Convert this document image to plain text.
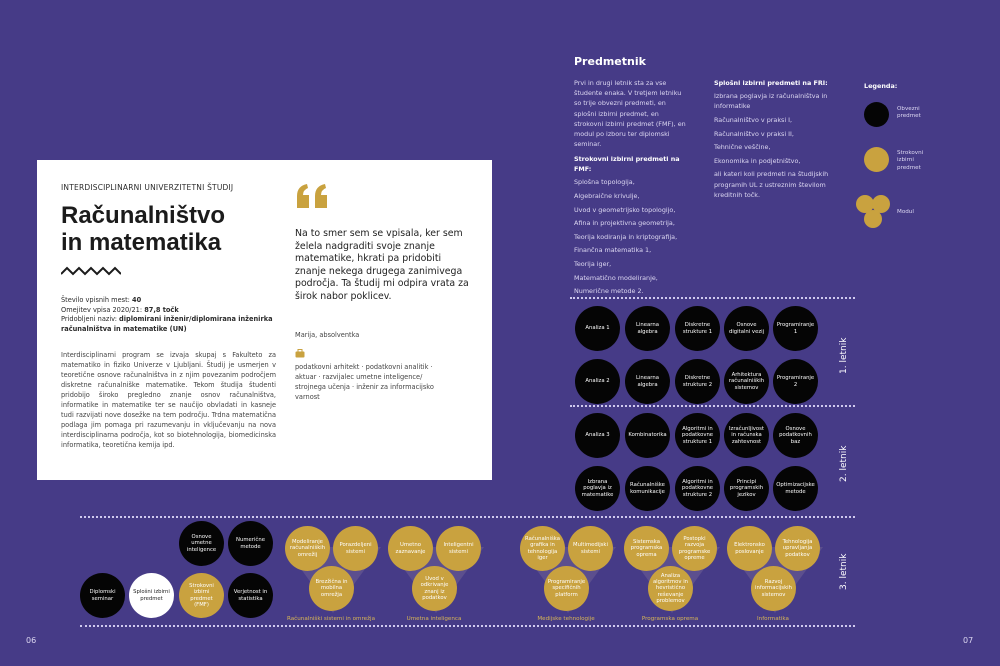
INTERDISCIPLINARNI UNIVERZITETNI ŠTUDIJ
Računalništvo
in matematika
Število vpisnih mest: 40
Omejitev vpisa 2020/21: 87,8 točk
Pridobljeni naziv: diplomirani inženir/diplomirana inženirka računalništva in matematike (UN)
Interdisciplinarni program se izvaja skupaj s Fakulteto za matematiko in fiziko Univerze v Ljubljani. Študij je usmerjen v teoretične osnove računalništva in z njim povezanim področjem diskretne računalniške matematike. Tekom študija študenti pridobijo široko pregledno znanje osnov računalništva, informatike in matematike ter se naučijo obvladati in kasneje tudi razvijati nove dosežke na tem področju. Trdna matematična podlaga jim pomaga pri razumevanju in vključevanju na nova interdisciplinarna področja, kot so biotehnologija, biomedicinska informatika, teoretična kemija ipd.
Na to smer sem se vpisala, ker sem želela nadgraditi svoje znanje matematike, hkrati pa pridobiti znanje nekega drugega zanimivega področja. Ta študij mi odpira vrata za širok nabor poklicev.
Marija, absolventka
podatkovni arhitekt · podatkovni analitik · aktuar · razvijalec umetne inteligence/ strojnega učenja · inženir za informacijsko varnost
Predmetnik
Prvi in drugi letnik sta za vse študente enaka. V tretjem letniku so trije obvezni predmeti, en splošni izbirni predmet, en strokovni izbirni predmet (FMF), en modul po izboru ter diplomski seminar.
Strokovni izbirni predmeti na FMF:
Splošna topologija,
Algebraične krivulje,
Uvod v geometrijsko topologijo,
Afina in projektivna geometrija,
Teorija kodiranja in kriptografija,
Finančna matematika 1,
Teorija iger,
Matematično modeliranje,
Numerične metode 2.
Splošni izbirni predmeti na FRI:
Izbrana poglavja iz računalništva in informatike
Računalništvo v praksi I,
Računalništvo v praksi II,
Tehnične veščine,
Ekonomika in podjetništvo,
ali kateri koli predmeti na študijskih programih UL z ustreznim številom kreditnih točk.
Legenda:
Obvezni predmet
Strokovni izbirni predmet
Modul
1. letnik
2. letnik
3. letnik
Analiza 1
Linearna algebra
Diskretne strukture 1
Osnove digitalni vezij
Programiranje 1
Analiza 2
Linearna algebra
Diskretne strukture 2
Arhitektura računalniških sistemov
Programiranje 2
Analiza 3	Kombinatorika
Algoritmi in podatkovne strukture 1
Izračunljivost in računska zahtevnost
Osnove podatkovnih baz
Izbrana poglavja iz matematike
Računalniške komunikacije
Algoritmi in podatkovne strukture 2
Principi programskih jezikov
Optimizacijske metode
Osnove umetne inteligence
Numerične metode
Diplomski seminar
Splošni izbirni predmet
Strokovni izbirni predmet (FMF)
Verjetnost in statistika
Modeliranje računalniških omrežij
Porazdeljeni sistemi
Brezžična in mobilna omrežja
Računalniški sistemi in omrežja
Umetno zaznavanje
Inteligentni sistemi
Uvod v odkrivanje znanj iz podatkov
Umetna inteligenca
Računalniška grafika in tehnologija iger
Multimedijski sistemi
Programiranje specifičnih platform
Medijske tehnologije
Sistemska programska oprema
Postopki razvoja programske opreme
Analiza algoritmov in hevristično reševanje problemov
Programska oprema
Elektronsko poslovanje
Tehnologija upravljanja podatkov
Razvoj informacijskih sistemov
Informatika
06	07
